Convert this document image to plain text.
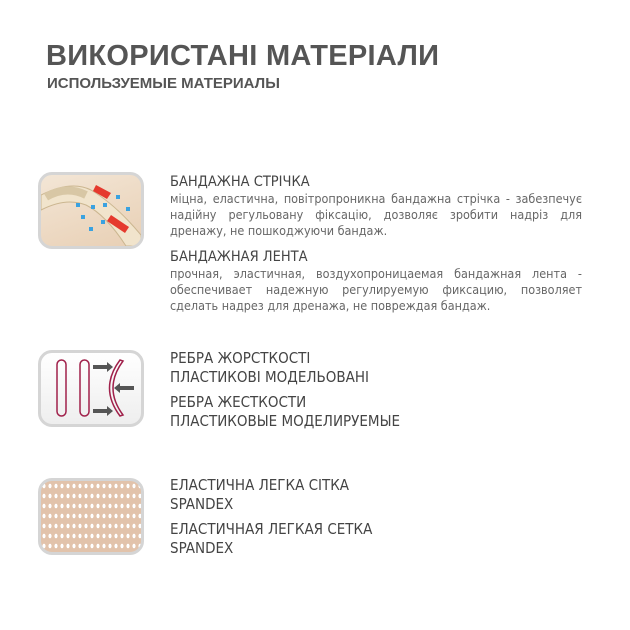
ВИКОРИСТАНІ МАТЕРІАЛИ
ИСПОЛЬЗУЕМЫЕ МАТЕРИАЛЫ
БАНДАЖНА СТРІЧКА
міцна, еластична, повітропроникна бандажна стрічка - забезпечує надійну регульовану фіксацію, дозволяє зробити надріз для дренажу, не пошкоджуючи бандаж.
БАНДАЖНАЯ ЛЕНТА
прочная, эластичная, воздухопроницаемая бандажная лента - обеспечивает надежную регулируемую фиксацию, позволяет сделать надрез для дренажа, не повреждая бандаж.
РЕБРА ЖОРСТКОСТІ
ПЛАСТИКОВІ МОДЕЛЬОВАНІ
РЕБРА ЖЕСТКОСТИ
ПЛАСТИКОВЫЕ МОДЕЛИРУЕМЫЕ
ЕЛАСТИЧНА ЛЕГКА СІТКА
SPANDEX
ЕЛАСТИЧНАЯ ЛЕГКАЯ СЕТКА
SPANDEX
